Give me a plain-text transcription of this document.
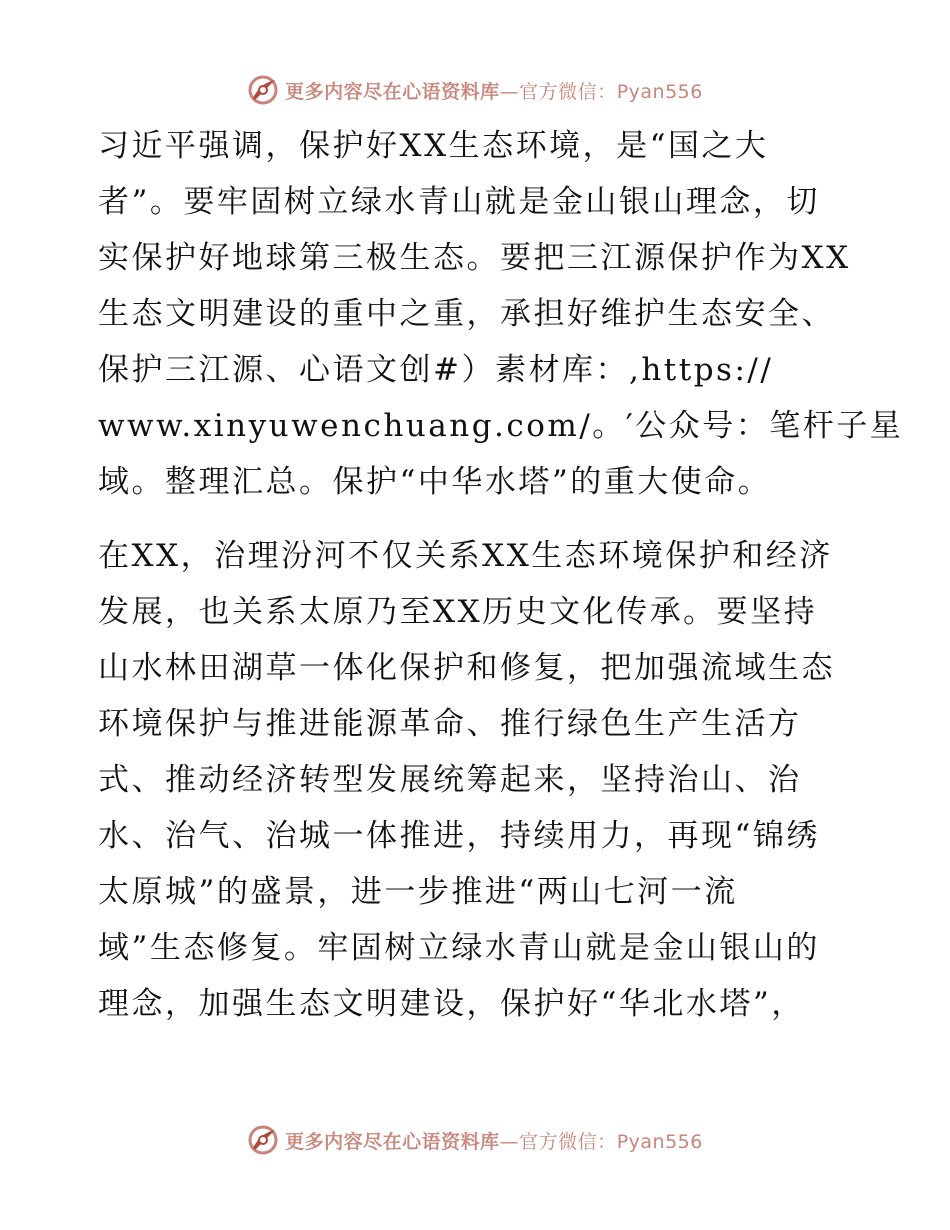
更多内容尽在心语资料库—官方微信：Pyan556

习近平强调，保护好XX生态环境，是“国之大
者”。要牢固树立绿水青山就是金山银山理念，切
实保护好地球第三极生态。要把三江源保护作为XX
生态文明建设的重中之重，承担好维护生态安全、
保护三江源、心语文创#）素材库：,https://
www.xinyuwenchuang.com/。′公众号：笔杆子星
域。整理汇总。保护“中华水塔”的重大使命。

在XX，治理汾河不仅关系XX生态环境保护和经济
发展，也关系太原乃至XX历史文化传承。要坚持
山水林田湖草一体化保护和修复，把加强流域生态
环境保护与推进能源革命、推行绿色生产生活方
式、推动经济转型发展统筹起来，坚持治山、治
水、治气、治城一体推进，持续用力，再现“锦绣
太原城”的盛景，进一步推进“两山七河一流
域”生态修复。牢固树立绿水青山就是金山银山的
理念，加强生态文明建设，保护好“华北水塔”，

更多内容尽在心语资料库—官方微信：Pyan556
